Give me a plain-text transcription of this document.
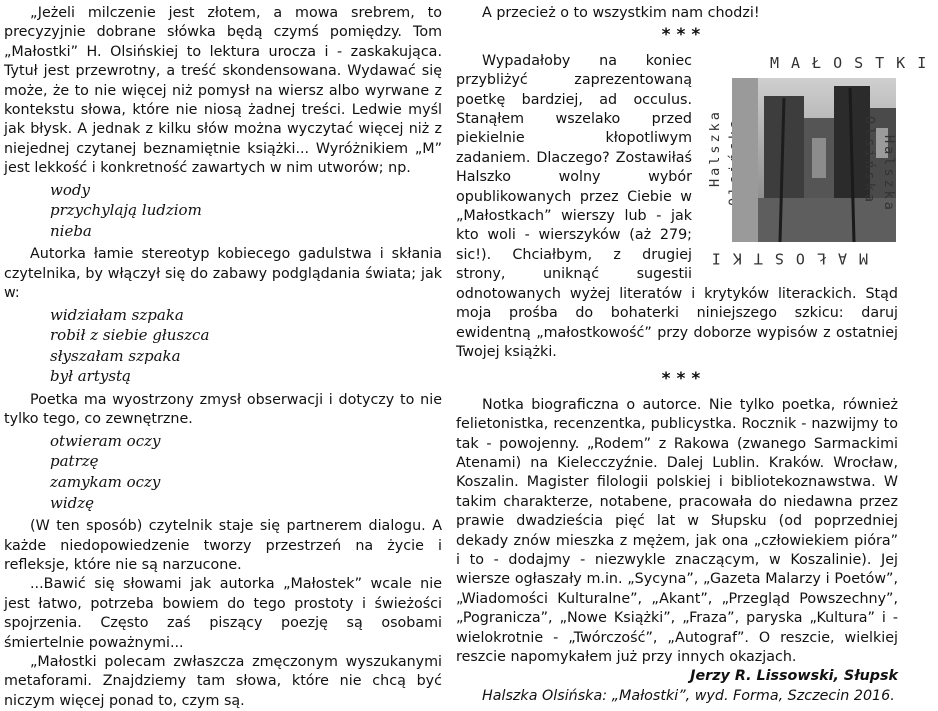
„Jeżeli milczenie jest złotem, a mowa srebrem, to precyzyjnie dobrane słówka będą czymś pomiędzy. Tom „Małostki” H. Olsińskiej to lektura urocza i - zaskakująca. Tytuł jest przewrotny, a treść skondensowana. Wydawać się może, że to nie więcej niż pomysł na wiersz albo wyrwane z kontekstu słowa, które nie niosą żadnej treści. Ledwie myśl jak błysk. A jednak z kilku słów można wyczytać więcej niż z niejednej czytanej beznamiętnie książki... Wyróżnikiem „M” jest lekkość i konkretność zawartych w nim utworów; np.

wody
przychylają ludziom
nieba

Autorka łamie stereotyp kobiecego gadulstwa i skłania czytelnika, by włączył się do zabawy podglądania świata; jak w:

widziałam szpaka
robił z siebie głuszca
słyszałam szpaka
był artystą

Poetka ma wyostrzony zmysł obserwacji i dotyczy to nie tylko tego, co zewnętrzne.

otwieram oczy
patrzę
zamykam oczy
widzę

(W ten sposób) czytelnik staje się partnerem dialogu. A każde niedopowiedzenie tworzy przestrzeń na życie i refleksje, które nie są narzucone.

...Bawić się słowami jak autorka „Małostek” wcale nie jest łatwo, potrzeba bowiem do tego prostoty i świeżości spojrzenia. Często zaś piszący poezję są osobami śmiertelnie poważnymi...

„Małostki polecam zwłaszcza zmęczonym wyszukanymi metaforami. Znajdziemy tam słowa, które nie chcą być niczym więcej ponad to, czym są.

A przecież o to wszystkim nam chodzi!

***

MAŁOSTKI
Halszka	Halszka Olsińska
MAŁOSTKI
Wypadałoby na koniec przybliżyć zaprezentowaną poetkę bardziej, ad occulus. Stanąłem wszelako przed piekielnie kłopotliwym zadaniem. Dlaczego? Zostawiłaś Halszko wolny wybór opublikowanych przez Ciebie w „Małostkach” wierszy lub - jak kto woli - wierszyków (aż 279; sic!). Chciałbym, z drugiej strony, uniknąć sugestii odnotowanych wyżej literatów i krytyków literackich. Stąd moja prośba do bohaterki niniejszego szkicu: daruj ewidentną „małostkowość” przy doborze wypisów z ostatniej Twojej książki.

***

Notka biograficzna o autorce. Nie tylko poetka, również felietonistka, recenzentka, publicystka. Rocznik - nazwijmy to tak - powojenny. „Rodem” z Rakowa (zwanego Sarmackimi Atenami) na Kielecczyźnie. Dalej Lublin. Kraków. Wrocław, Koszalin. Magister filologii polskiej i bibliotekoznawstwa. W takim charakterze, notabene, pracowała do niedawna przez prawie dwadzieścia pięć lat w Słupsku (od poprzedniej dekady znów mieszka z mężem, jak ona „człowiekiem pióra” i to - dodajmy - niezwykle znaczącym, w Koszalinie). Jej wiersze ogłaszały m.in. „Sycyna”, „Gazeta Malarzy i Poetów”, „Wiadomości Kulturalne”, „Akant”, „Przegląd Powszechny”, „Pogranicza”, „Nowe Książki”, „Fraza”, paryska „Kultura” i - wielokrotnie - „Twórczość”, „Autograf”. O reszcie, wielkiej reszcie napomykałem już przy innych okazjach.

Jerzy R. Lissowski, Słupsk

Halszka Olsińska: „Małostki”, wyd. Forma, Szczecin 2016.
